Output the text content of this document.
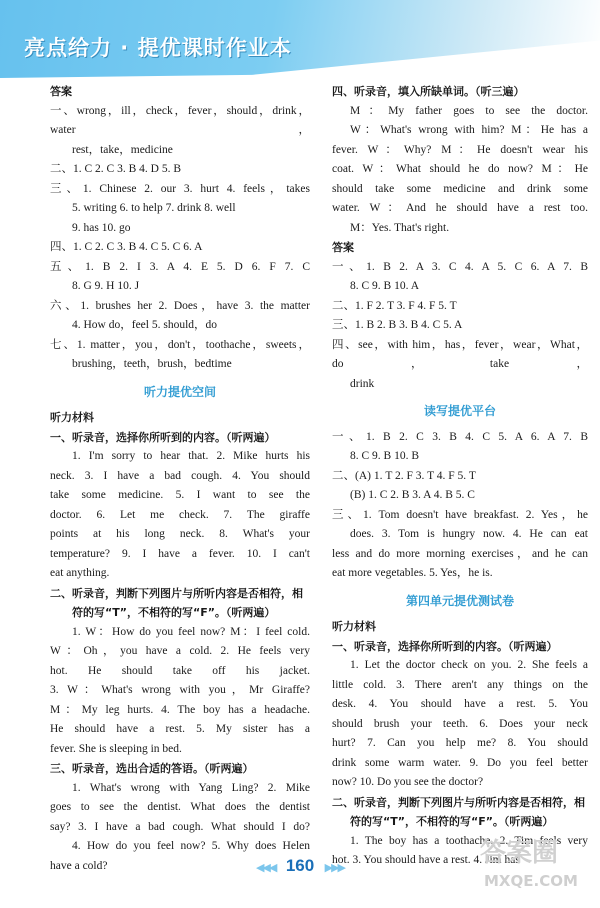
亮点给力 · 提优课时作业本

答案

一、wrong，ill，check，fever，should，drink，water，

rest，take，medicine

二、1. C 2. C 3. B 4. D 5. B

三、1. Chinese 2. our 3. hurt 4. feels，takes

5. writing 6. to help 7. drink 8. well

9. has 10. go

四、1. C 2. C 3. B 4. C 5. C 6. A

五、1. B 2. I 3. A 4. E 5. D 6. F 7. C

8. G 9. H 10. J

六、1. brushes her 2. Does，have 3. the matter

4. How do，feel 5. should，do

七、1. matter，you，don't，toothache，sweets，

brushing，teeth，brush，bedtime

听力提优空间

听力材料

一、听录音，选择你所听到的内容。（听两遍）

1. I'm sorry to hear that. 2. Mike hurts his

neck. 3. I have a bad cough. 4. You should

take some medicine. 5. I want to see the

doctor. 6. Let me check. 7. The giraffe

points at his long neck. 8. What's your

temperature? 9. I have a fever. 10. I can't

eat anything.

二、听录音，判断下列图片与所听内容是否相符，相

符的写“T”，不相符的写“F”。（听两遍）

1. W：How do you feel now? M：I feel cold.

W：Oh，you have a cold. 2. He feels very

hot. He should take off his jacket.

3. W：What's wrong with you，Mr Giraffe?

M：My leg hurts. 4. The boy has a headache.

He should have a rest. 5. My sister has a

fever. She is sleeping in bed.

三、听录音，选出合适的答语。（听两遍）

1. What's wrong with Yang Ling? 2. Mike

goes to see the dentist. What does the dentist

say? 3. I have a bad cough. What should I do?

4. How do you feel now? 5. Why does Helen

have a cold?

四、听录音，填入所缺单词。（听三遍）

M：My father goes to see the doctor.

W：What's wrong with him? M：He has a

fever. W：Why? M：He doesn't wear his

coat. W：What should he do now? M：He

should take some medicine and drink some

water. W：And he should have a rest too.

M：Yes. That's right.

答案

一、1. B 2. A 3. C 4. A 5. C 6. A 7. B

8. C 9. B 10. A

二、1. F 2. T 3. F 4. F 5. T

三、1. B 2. B 3. B 4. C 5. A

四、see，with him，has，fever，wear，What，do，take，

drink

读写提优平台

一、1. B 2. C 3. B 4. C 5. A 6. A 7. B

8. C 9. B 10. B

二、(A) 1. T 2. F 3. T 4. F 5. T

(B) 1. C 2. B 3. A 4. B 5. C

三、1. Tom doesn't have breakfast. 2. Yes，he

does. 3. Tom is hungry now. 4. He can eat

less and do more morning exercises，and he can

eat more vegetables. 5. Yes，he is.

第四单元提优测试卷

听力材料

一、听录音，选择你所听到的内容。（听两遍）

1. Let the doctor check on you. 2. She feels a

little cold. 3. There aren't any things on the

desk. 4. You should have a rest. 5. You

should brush your teeth. 6. Does your neck

hurt? 7. Can you help me? 8. You should

drink some warm water. 9. Do you feel better

now? 10. Do you see the doctor?

二、听录音，判断下列图片与所听内容是否相符，相

符的写“T”，不相符的写“F”。（听两遍）

1. The boy has a toothache. 2. Tim feels very

hot. 3. You should have a rest. 4. Jim has

◀◀◀ 160 ▶▶▶	答案圈
MXQE.COM
